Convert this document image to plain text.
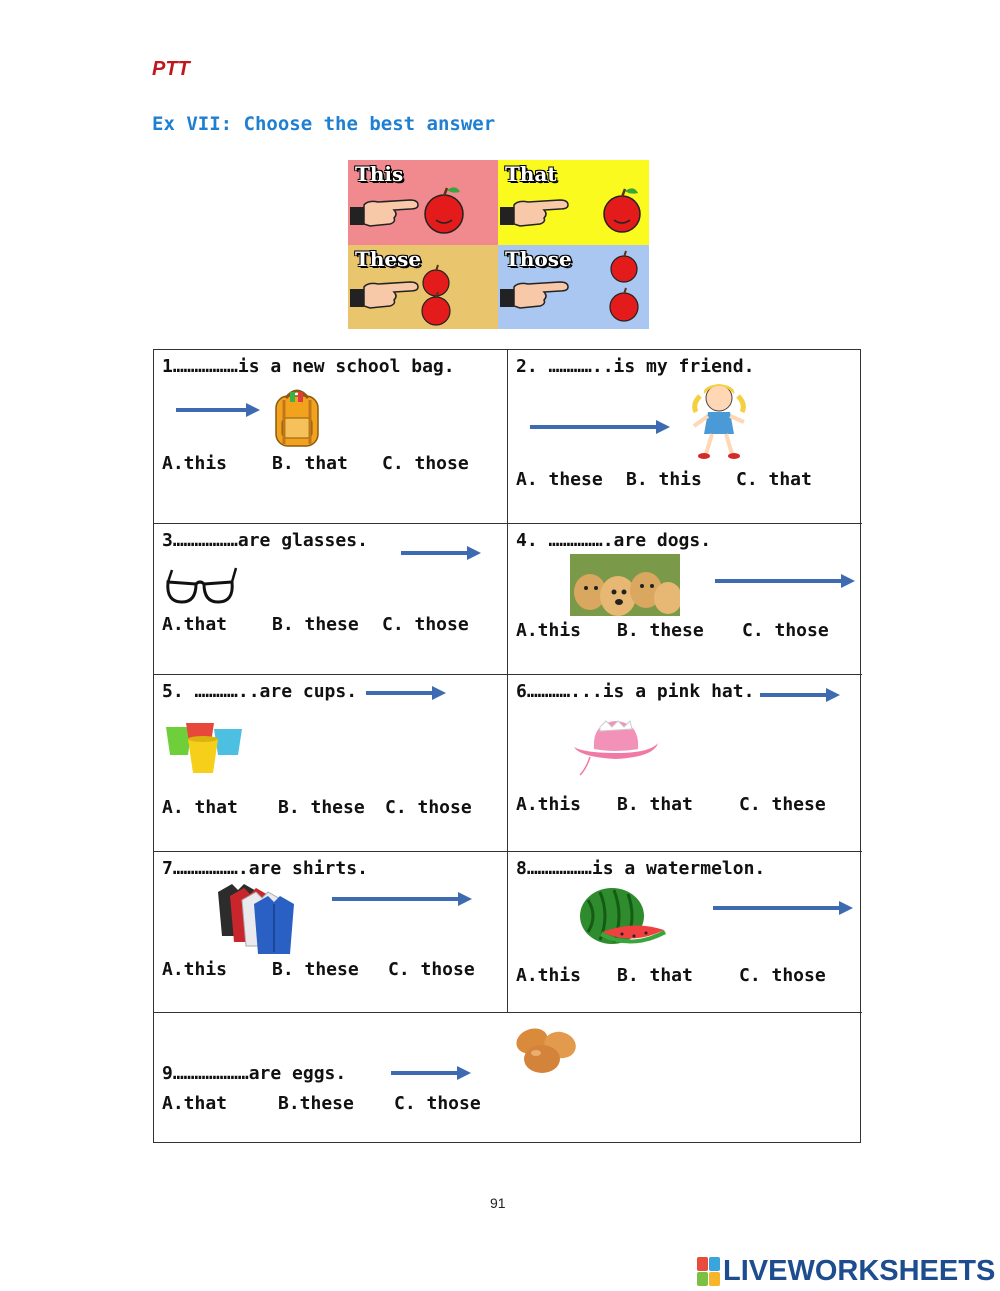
PTT
Ex VII: Choose the best answer
This	That
These	Those
1………………is a new school bag.
A.this B. that C. those
2. …………..is my friend.
A. these B. this C. that
3………………are glasses.
A.that B. these C. those
4. …………….are dogs.
A.this B. these C. those
5. …………..are cups.
A. that B. these C. those
6…………...is a pink hat.
A.this B. that	C. these
7……………….are shirts.
A.this B. these C. those
8………………is a watermelon.
A.this B. that	C. those
9…………………are eggs.
A.that	B.these C. those
91
LIVEWORKSHEETS
